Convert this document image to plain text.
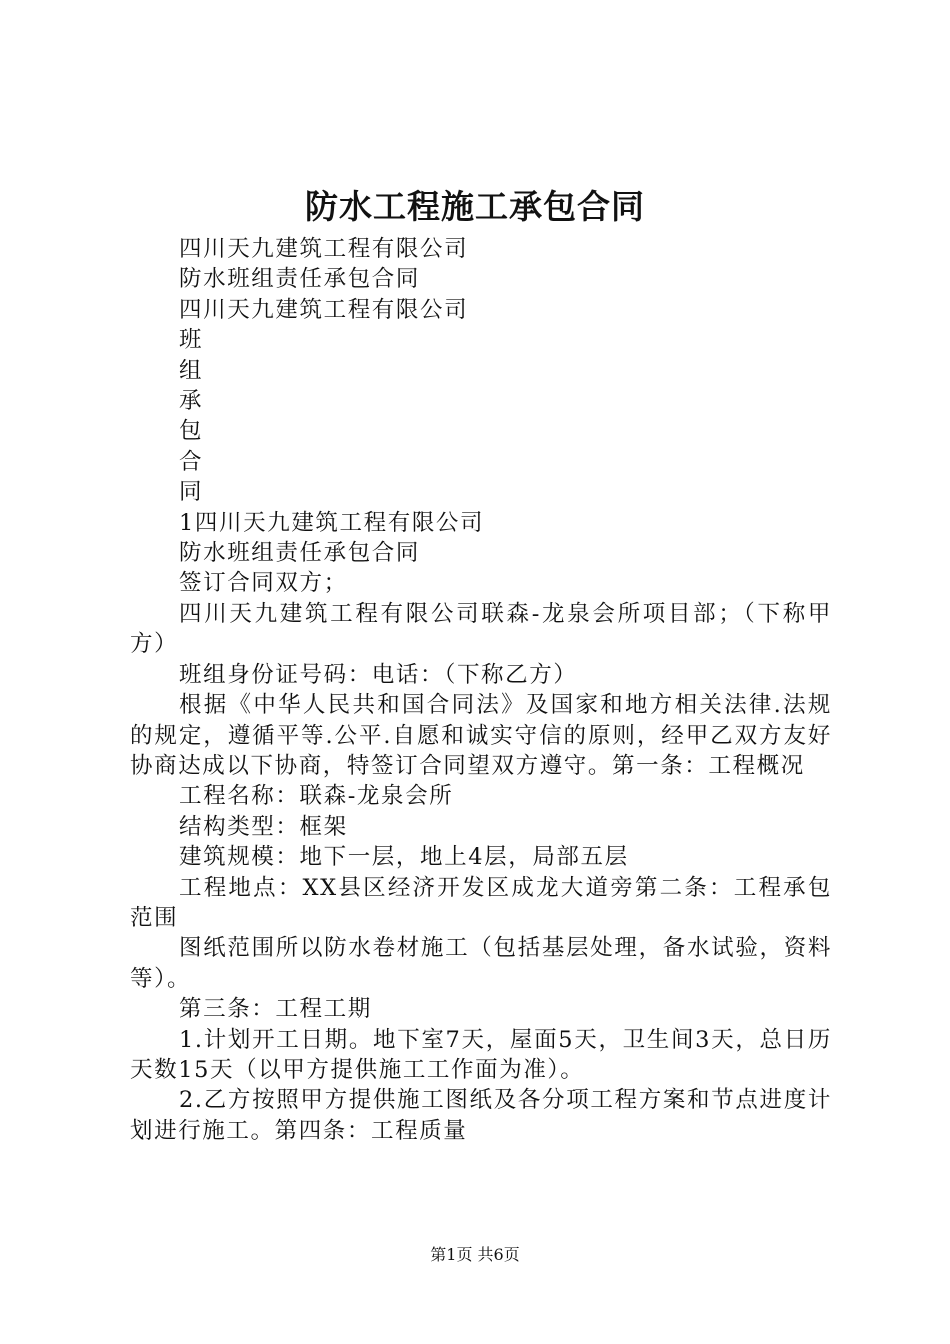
防水工程施工承包合同

四川天九建筑工程有限公司

防水班组责任承包合同

四川天九建筑工程有限公司

班

组

承

包

合

同

1四川天九建筑工程有限公司

防水班组责任承包合同

签订合同双方；

四川天九建筑工程有限公司联森-龙泉会所项目部；（下称甲方）

班组身份证号码：电话：（下称乙方）

根据《中华人民共和国合同法》及国家和地方相关法律.法规的规定，遵循平等.公平.自愿和诚实守信的原则，经甲乙双方友好协商达成以下协商，特签订合同望双方遵守。第一条：工程概况

工程名称：联森-龙泉会所

结构类型：框架

建筑规模：地下一层，地上4层，局部五层

工程地点：XX县区经济开发区成龙大道旁第二条：工程承包范围

图纸范围所以防水卷材施工（包括基层处理，备水试验，资料等）。

第三条：工程工期

1.计划开工日期。地下室7天，屋面5天，卫生间3天，总日历天数15天（以甲方提供施工工作面为准）。

2.乙方按照甲方提供施工图纸及各分项工程方案和节点进度计划进行施工。第四条：工程质量

第1页 共6页
